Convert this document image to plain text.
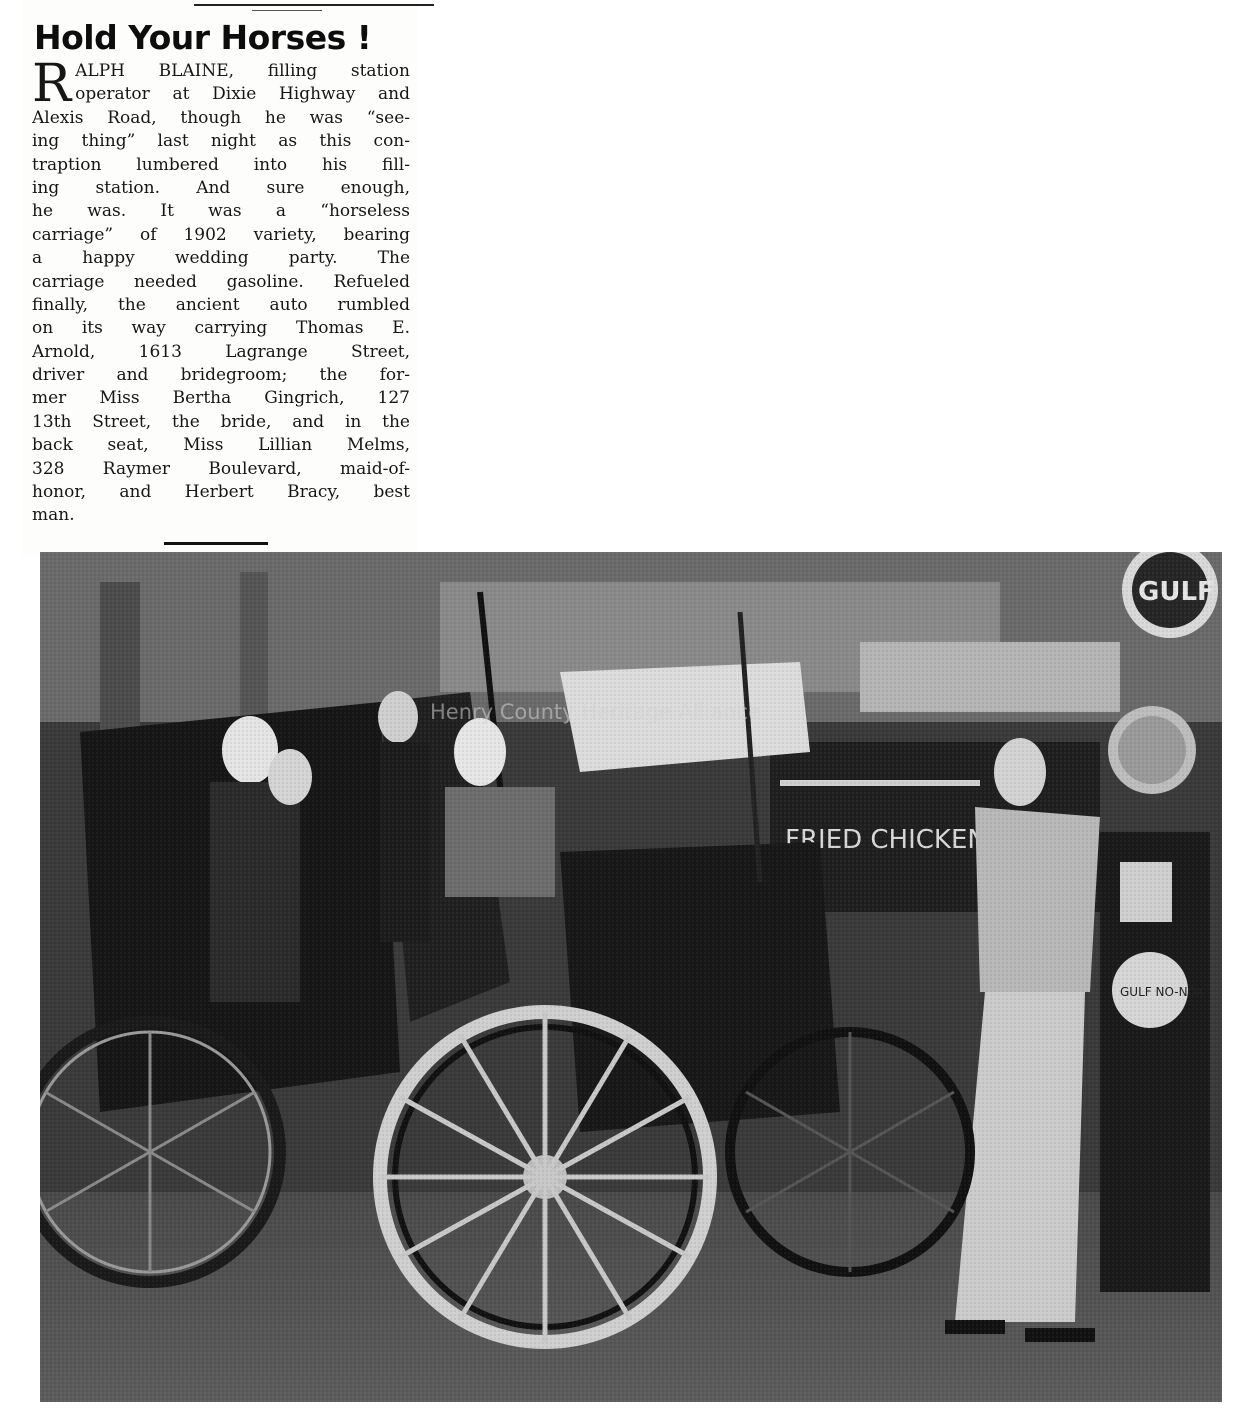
Hold Your Horses !
R ALPH BLAINE, filling station
operator at Dixie Highway and
Alexis Road, though he was “see-
ing thing” last night as this con-
traption lumbered into his fill-
ing station. And sure enough,
he was. It was a “horseless
carriage” of 1902 variety, bearing
a happy wedding party. The
carriage needed gasoline. Refueled
finally, the ancient auto rumbled
on its way carrying Thomas E.
Arnold, 1613 Lagrange Street,
driver and bridegroom; the for-
mer Miss Bertha Gingrich, 127
13th Street, the bride, and in the
back seat, Miss Lillian Melms,
328 Raymer Boulevard, maid-of-
honor, and Herbert Bracy, best
man.
Henry County Heritage Alliance
